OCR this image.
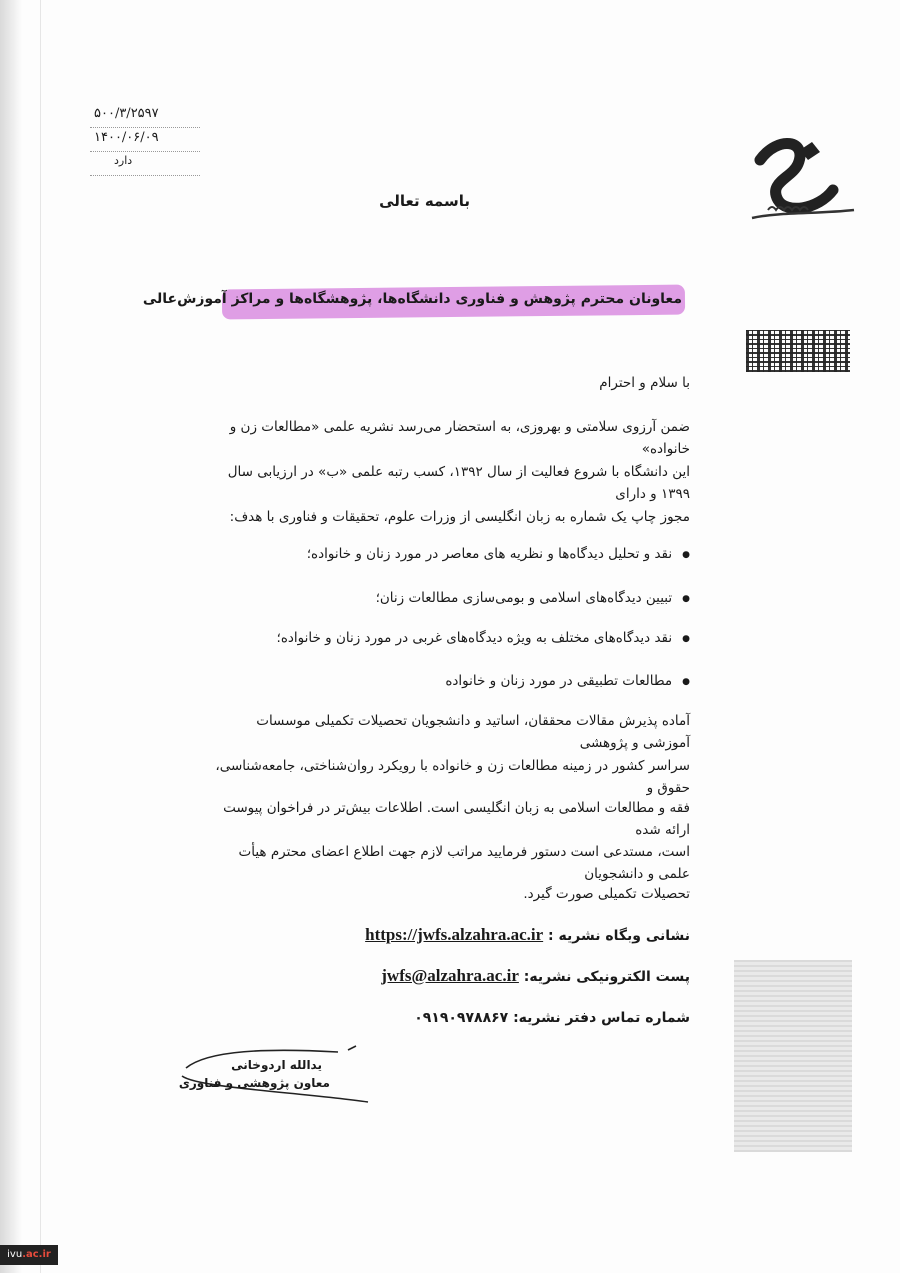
۵۰۰/۳/۲۵۹۷
۱۴۰۰/۰۶/۰۹
دارد
باسمه تعالی
معاونان محترم پژوهش و فناوری دانشگاه‌ها، پژوهشگاه‌ها و مراکز آموزش‌عالی
با سلام و احترام
ضمن آرزوی سلامتی و بهروزی، به استحضار می‌رسد نشریه علمی «مطالعات زن و خانواده»
این دانشگاه با شروع فعالیت از سال ۱۳۹۲، کسب رتبه علمی «ب» در ارزیابی سال ۱۳۹۹ و دارای
مجوز چاپ یک شماره به زبان انگلیسی از وزرات علوم، تحقیقات و فناوری با هدف:
● نقد و تحلیل دیدگاه‌ها و نظریه های معاصر در مورد زنان و خانواده؛
● تبیین دیدگاه‌های اسلامی و بومی‌سازی مطالعات زنان؛
● نقد دیدگاه‌های مختلف به ویژه دیدگاه‌های غربی در مورد زنان و خانواده؛
● مطالعات تطبیقی در مورد زنان و خانواده
آماده پذیرش مقالات محققان، اساتید و دانشجویان تحصیلات تکمیلی موسسات آموزشی و پژوهشی
سراسر کشور در زمینه مطالعات زن و خانواده با رویکرد روان‌شناختی، جامعه‌شناسی، حقوق و
فقه و مطالعات اسلامی به زبان انگلیسی است. اطلاعات بیش‌تر در فراخوان پیوست ارائه شده
است، مستدعی است دستور فرمایید مراتب لازم جهت اطلاع اعضای محترم هیأت علمی و دانشجویان
تحصیلات تکمیلی صورت گیرد.
نشانی وبگاه نشریه : https://jwfs.alzahra.ac.ir
پست الکترونیکی نشریه: jwfs@alzahra.ac.ir
شماره تماس دفتر نشریه: ۰۹۱۹۰۹۷۸۸۶۷
یدالله اردوخانی
معاون پژوهشی و فناوری
ivu.ac.ir
